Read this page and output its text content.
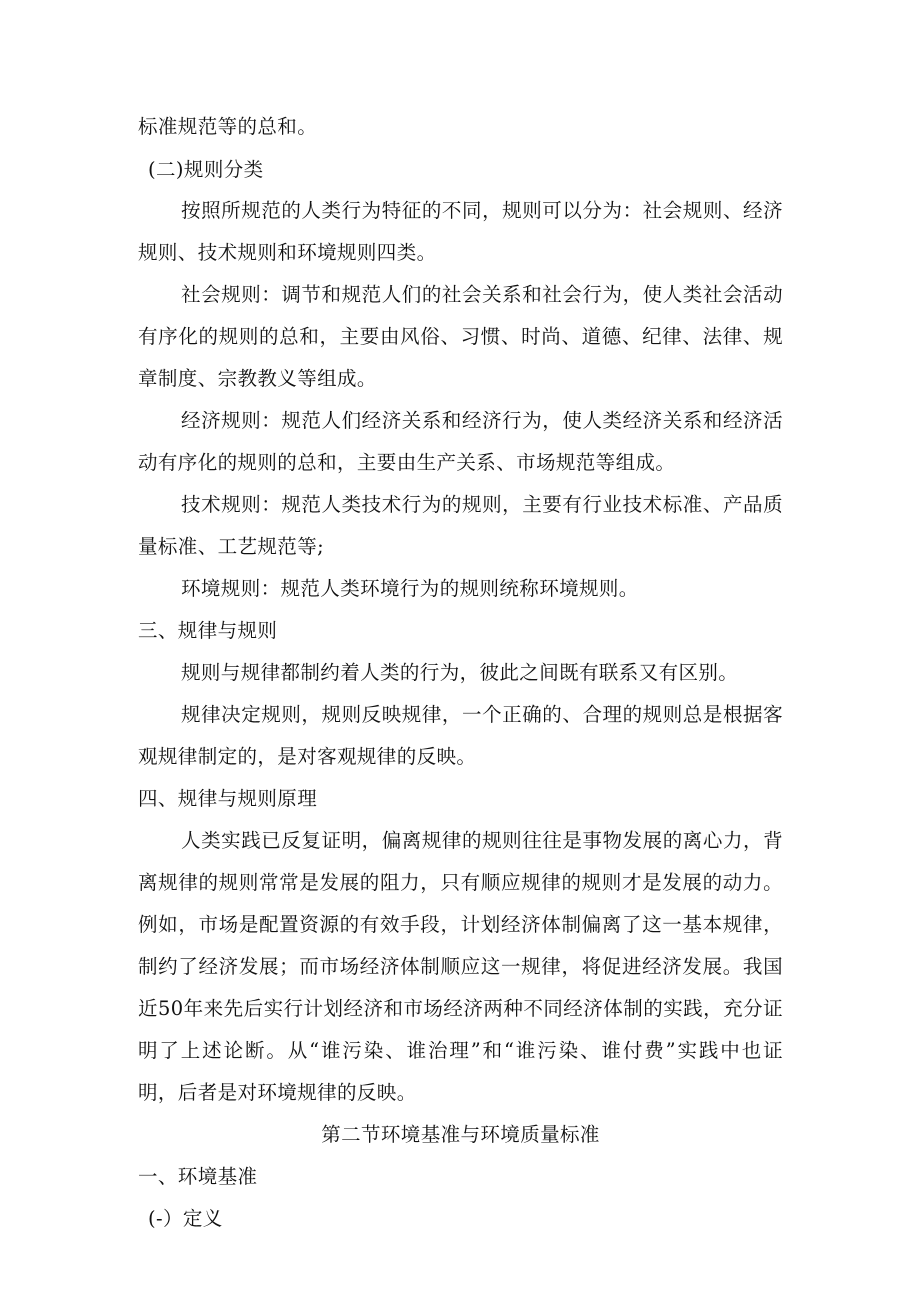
标准规范等的总和。
(二)规则分类
按照所规范的人类行为特征的不同，规则可以分为：社会规则、经济
规则、技术规则和环境规则四类。
社会规则：调节和规范人们的社会关系和社会行为，使人类社会活动
有序化的规则的总和，主要由风俗、习惯、时尚、道德、纪律、法律、规
章制度、宗教教义等组成。
经济规则：规范人们经济关系和经济行为，使人类经济关系和经济活
动有序化的规则的总和，主要由生产关系、市场规范等组成。
技术规则：规范人类技术行为的规则，主要有行业技术标准、产品质
量标准、工艺规范等;
环境规则：规范人类环境行为的规则统称环境规则。
三、规律与规则
规则与规律都制约着人类的行为，彼此之间既有联系又有区别。
规律决定规则，规则反映规律，一个正确的、合理的规则总是根据客
观规律制定的，是对客观规律的反映。
四、规律与规则原理
人类实践已反复证明，偏离规律的规则往往是事物发展的离心力，背
离规律的规则常常是发展的阻力，只有顺应规律的规则才是发展的动力。
例如，市场是配置资源的有效手段，计划经济体制偏离了这一基本规律，
制约了经济发展；而市场经济体制顺应这一规律，将促进经济发展。我国
近50年来先后实行计划经济和市场经济两种不同经济体制的实践，充分证
明了上述论断。从“谁污染、谁治理”和“谁污染、谁付费”实践中也证
明，后者是对环境规律的反映。
第二节环境基准与环境质量标准
一、环境基准
(-）定义
